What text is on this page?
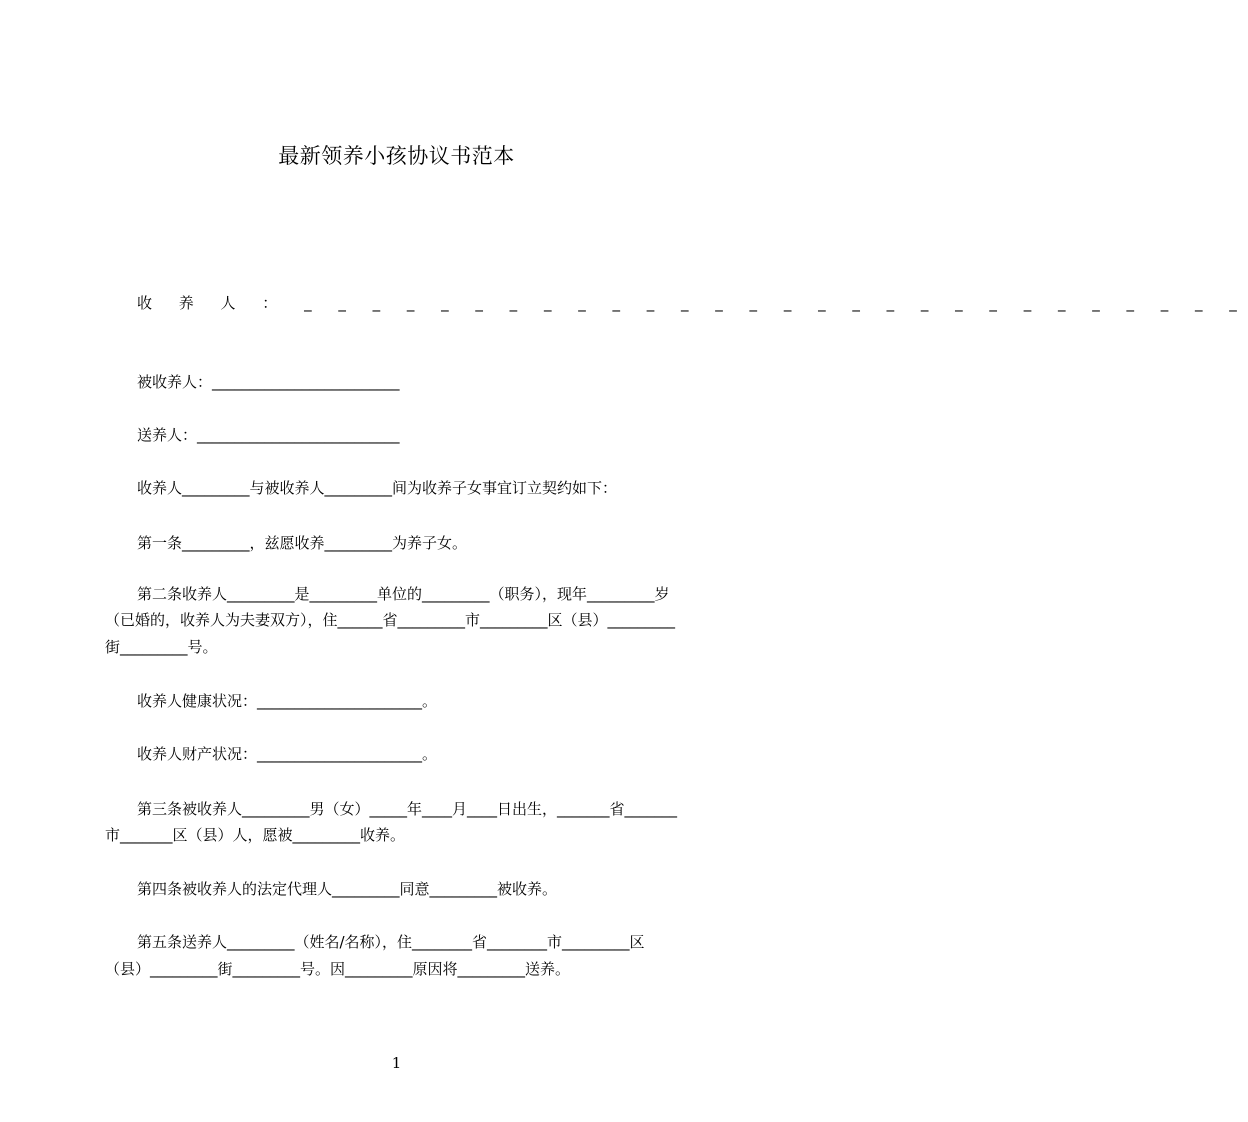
最新领养小孩协议书范本
收 养 人 ： _ _ _ _ _ _ _ _ _ _ _ _ _ _ _ _ _ _ _ _ _ _ _ _ _ _ _ _
被收养人：_________________________
送养人：___________________________
收养人_________与被收养人_________间为收养子女事宜订立契约如下：
第一条_________，兹愿收养_________为养子女。
第二条收养人_________是_________单位的_________（职务），现年_________岁
（已婚的，收养人为夫妻双方），住______省_________市_________区（县）_________
街_________号。
收养人健康状况：______________________。
收养人财产状况：______________________。
第三条被收养人_________男（女）_____年____月____日出生，_______省_______
市_______区（县）人，愿被_________收养。
第四条被收养人的法定代理人_________同意_________被收养。
第五条送养人_________（姓名/名称），住________省________市_________区
（县）_________街_________号。因_________原因将_________送养。
1
